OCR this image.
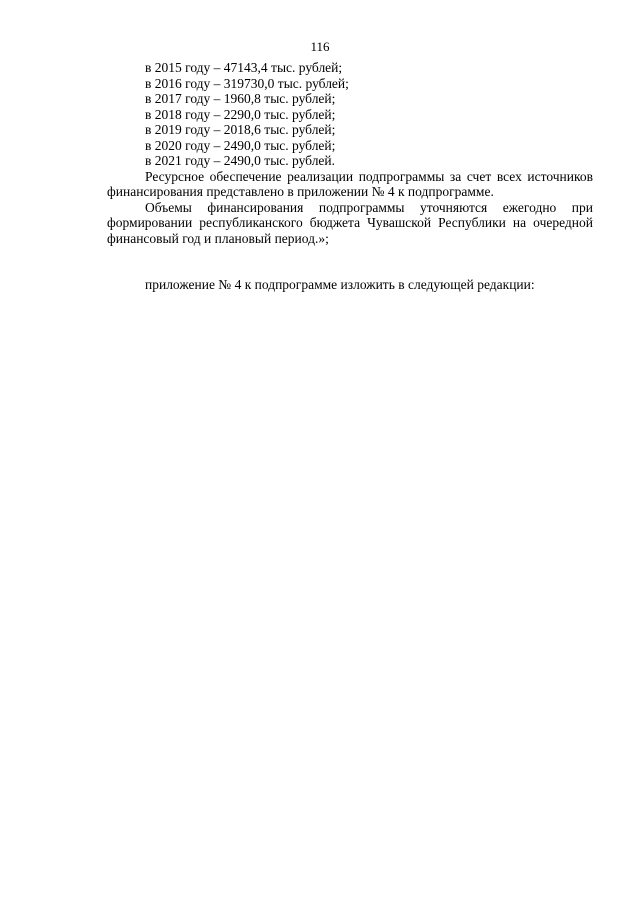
116
в 2015 году – 47143,4 тыс. рублей;
в 2016 году – 319730,0 тыс. рублей;
в 2017 году – 1960,8 тыс. рублей;
в 2018 году – 2290,0 тыс. рублей;
в 2019 году – 2018,6 тыс. рублей;
в 2020 году – 2490,0 тыс. рублей;
в 2021 году – 2490,0 тыс. рублей.

Ресурсное обеспечение реализации подпрограммы за счет всех источников финансирования представлено в приложении № 4 к подпрограмме.

Объемы финансирования подпрограммы уточняются ежегодно при формировании республиканского бюджета Чувашской Республики на очередной финансовый год и плановый период.»;

приложение № 4 к подпрограмме изложить в следующей редакции:
